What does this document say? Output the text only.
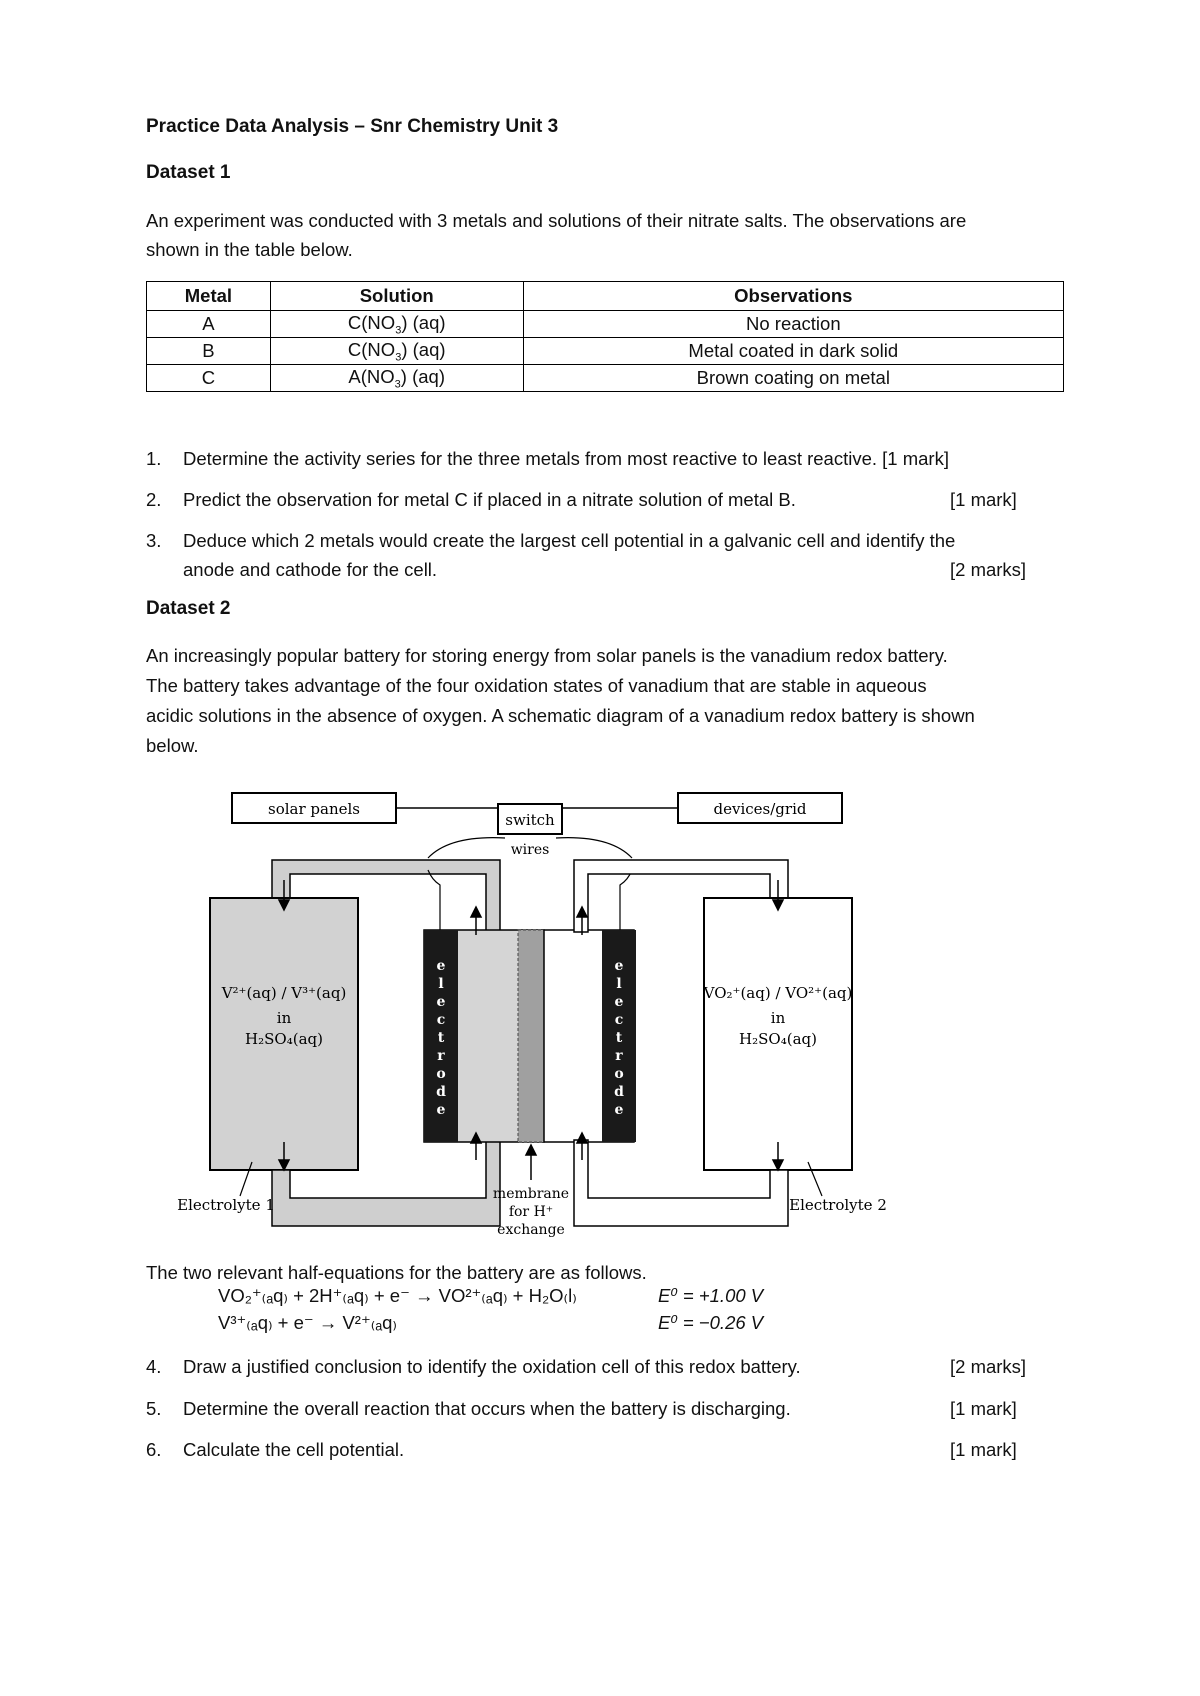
Practice Data Analysis – Snr Chemistry Unit 3
Dataset 1
An experiment was conducted with 3 metals and solutions of their nitrate salts. The observations are
shown in the table below.
Metal	Solution	Observations
A	$C(NO_3)$ (aq)	No reaction
B	$C(NO_3)$ (aq)	Metal coated in dark solid
C	$A(NO_3)$ (aq)	Brown coating on metal
1. Determine the activity series for the three metals from most reactive to least reactive. [1 mark]
2. Predict the observation for metal C if placed in a nitrate solution of metal B.	[1 mark]
3. Deduce which 2 metals would create the largest cell potential in a galvanic cell and identify the
anode and cathode for the cell.	[2 marks]
Dataset 2
An increasingly popular battery for storing energy from solar panels is the vanadium redox battery.
The battery takes advantage of the four oxidation states of vanadium that are stable in aqueous
acidic solutions in the absence of oxygen. A schematic diagram of a vanadium redox battery is shown
below.
solar panels
switch
devices/grid
wires
V²⁺(aq) / V³⁺(aq)
in
H₂SO₄(aq)
e
l
e
c
t
r
o
d
e
e
l
e
c
t
r
o
d
e
VO₂⁺(aq) / VO²⁺(aq)
in
H₂SO₄(aq)
membrane
for H⁺
exchange
Electrolyte 1	Electrolyte 2
The two relevant half-equations for the battery are as follows.
VO₂⁺₍ₐq₎ + 2H⁺₍ₐq₎ + e⁻ → VO²⁺₍ₐq₎ + H₂O₍l₎	E⁰ = +1.00 V
V³⁺₍ₐq₎ + e⁻ → V²⁺₍ₐq₎	E⁰ = −0.26 V
4. Draw a justified conclusion to identify the oxidation cell of this redox battery.	[2 marks]
5. Determine the overall reaction that occurs when the battery is discharging.	[1 mark]
6. Calculate the cell potential.	[1 mark]
